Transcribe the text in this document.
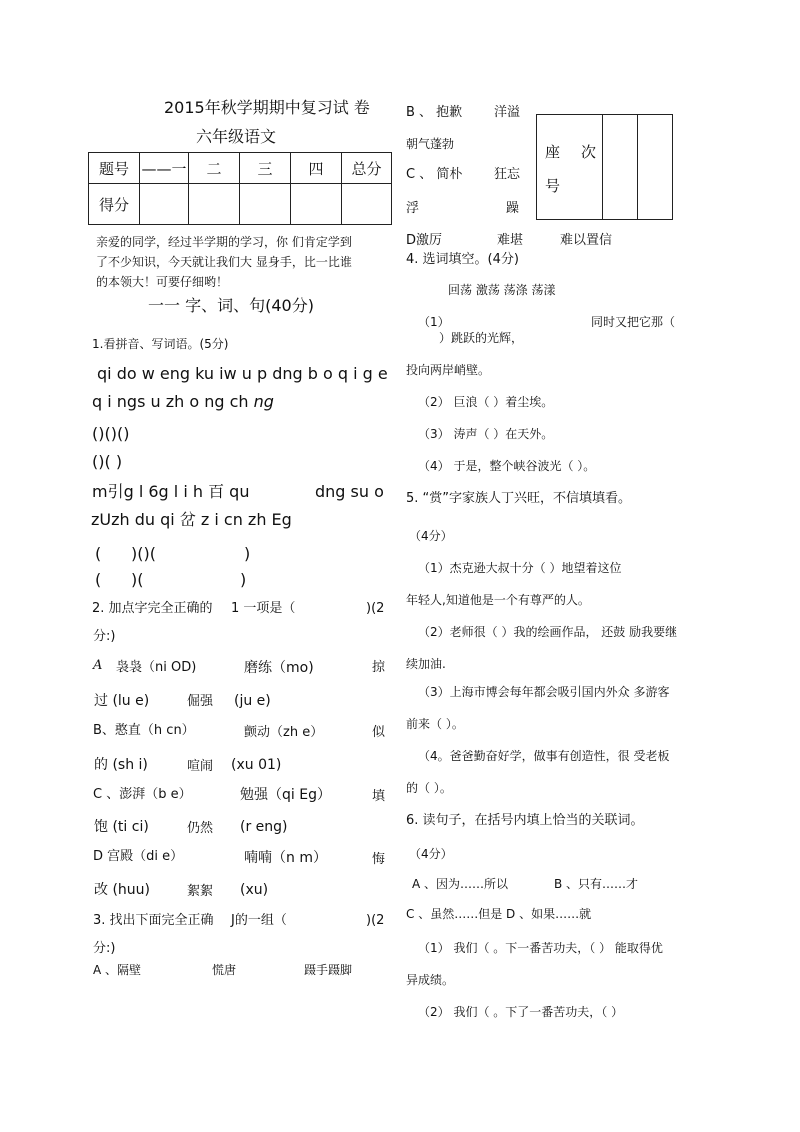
2015年秋学期期中复习试 卷
六年级语文
题号	——一	二	三	四	总分
得分					
座 次
号
亲爱的同学，经过半学期的学习，你 们肯定学到
了不少知识，今天就让我们大 显身手，比一比谁
的本领大！可要仔细哟！
一一 字、词、句(40分)
1.看拼音、写词语。(5分)
qi do w eng ku iw u p dng b o q i g e
q i ngs u zh o ng ch ng
()()()
()( )
m引g l 6g l i h 百 qu	dng su o
zUzh du qi 岔 z i cn zh Eg
( )()(	)
( )(	)
2. 加点字完全正确的 1 一项是（	)(2
分:)
A 袅袅（ni OD)	磨练（mo)	掠
过 (lu e)	倔强 (ju e)
B、憨直（h cn）	颤动（zh e）	似
的 (sh i)	喧闹 (xu 01)
C 、澎湃（b e）	勉强（qi Eg）	填
饱 (ti ci)	仍然 (r eng)
D 宫殿（di e）	喃喃（n m）	悔
改 (huu)	絮絮 (xu)
3. 找出下面完全正确 J的一组（	)(2
分:)
A 、隔壁	慌唐	蹑手蹑脚
B 、 抱歉 洋溢
朝气蓬勃
C 、 简朴 狂忘
浮	躁
D激厉	难堪	难以置信
4. 选词填空。(4分)
回荡 激荡 荡涤 荡漾
（1）	同时又把它那（
）跳跃的光辉，
投向两岸峭壁。
（2） 巨浪（ ）着尘埃。
（3） 涛声（ ）在天外。
（4） 于是，整个峡谷波光（ ）。
5. “赏”字家族人丁兴旺，不信填填看。
（4分）
（1）杰克逊大叔十分（ ）地望着这位
年轻人,知道他是一个有尊严的人。
（2）老师很（ ）我的绘画作品， 还鼓 励我要继
续加油.
（3）上海市博会每年都会吸引国内外众 多游客
前来（ ）。
（4。爸爸勤奋好学，做事有创造性，很 受老板
的（ ）。
6. 读句子，在括号内填上恰当的关联词。
（4分）
A 、因为……所以	B 、只有……才
C 、虽然……但是 D 、如果……就
（1） 我们（ 。下一番苦功夫，（ ） 能取得优
异成绩。
（2） 我们（ 。下了一番苦功夫，（ ）
